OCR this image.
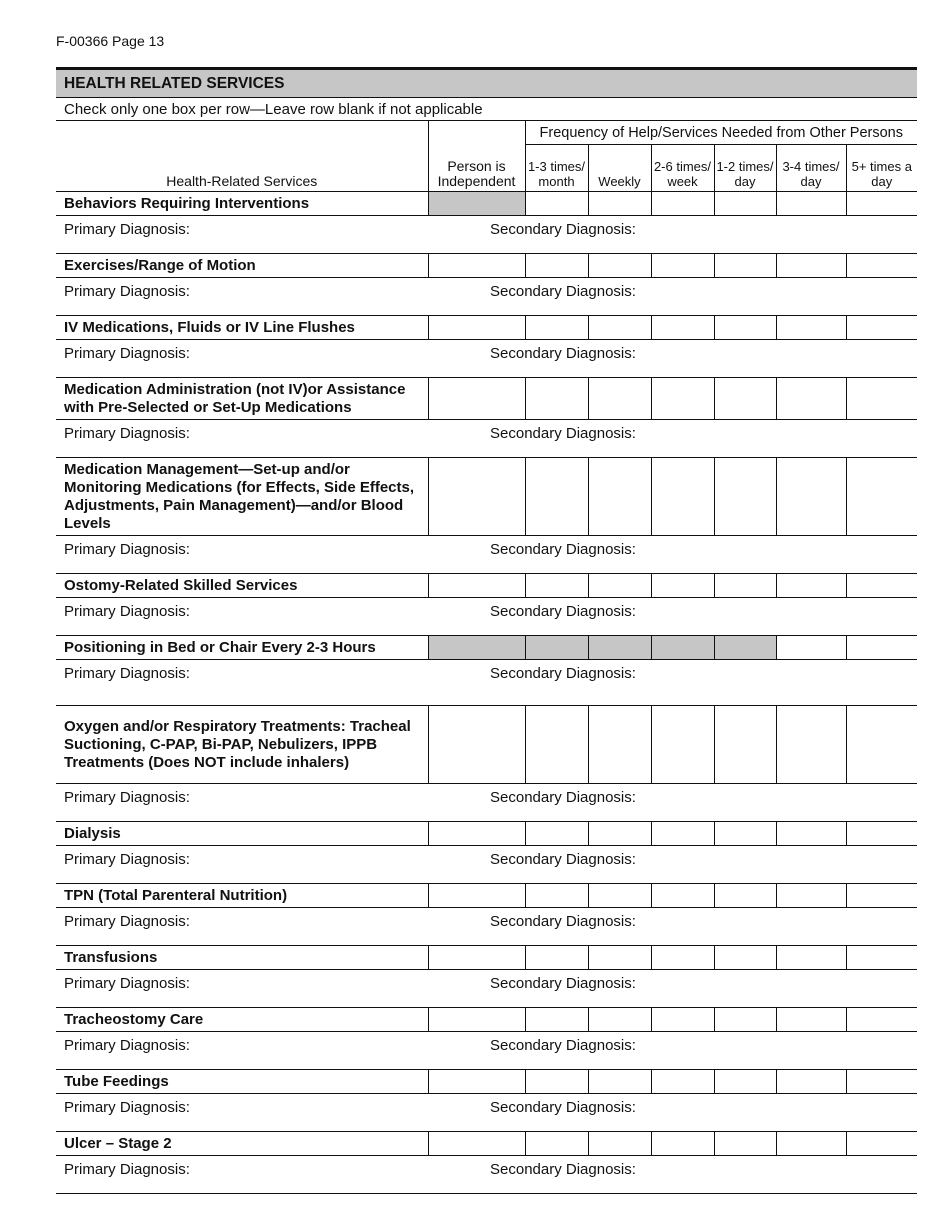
F-00366 Page 13
HEALTH RELATED SERVICES
Check only one box per row—Leave row blank if not applicable
Health-Related Services	Person is Independent	Frequency of Help/Services Needed from Other Persons					
		1-3 times/ month	Weekly	2-6 times/ week	1-2 times/ day	3-4 times/ day	5+ times a day
Behaviors Requiring Interventions							
Primary Diagnosis:	Secondary Diagnosis:						
Exercises/Range of Motion							
Primary Diagnosis:	Secondary Diagnosis:						
IV Medications, Fluids or IV Line Flushes							
Primary Diagnosis:	Secondary Diagnosis:						
Medication Administration (not IV)or Assistance with Pre-Selected or Set-Up Medications							
Primary Diagnosis:	Secondary Diagnosis:						
Medication Management—Set-up and/or Monitoring Medications (for Effects, Side Effects, Adjustments, Pain Management)—and/or Blood Levels							
Primary Diagnosis:	Secondary Diagnosis:						
Ostomy-Related Skilled Services							
Primary Diagnosis:	Secondary Diagnosis:						
Positioning in Bed or Chair Every 2-3 Hours							
Primary Diagnosis:	Secondary Diagnosis:						
Oxygen and/or Respiratory Treatments: Tracheal Suctioning, C-PAP, Bi-PAP, Nebulizers, IPPB Treatments (Does NOT include inhalers)							
Primary Diagnosis:	Secondary Diagnosis:						
Dialysis							
Primary Diagnosis:	Secondary Diagnosis:						
TPN (Total Parenteral Nutrition)							
Primary Diagnosis:	Secondary Diagnosis:						
Transfusions							
Primary Diagnosis:	Secondary Diagnosis:						
Tracheostomy Care							
Primary Diagnosis:	Secondary Diagnosis:						
Tube Feedings							
Primary Diagnosis:	Secondary Diagnosis:						
Ulcer – Stage 2							
Primary Diagnosis:	Secondary Diagnosis:						
